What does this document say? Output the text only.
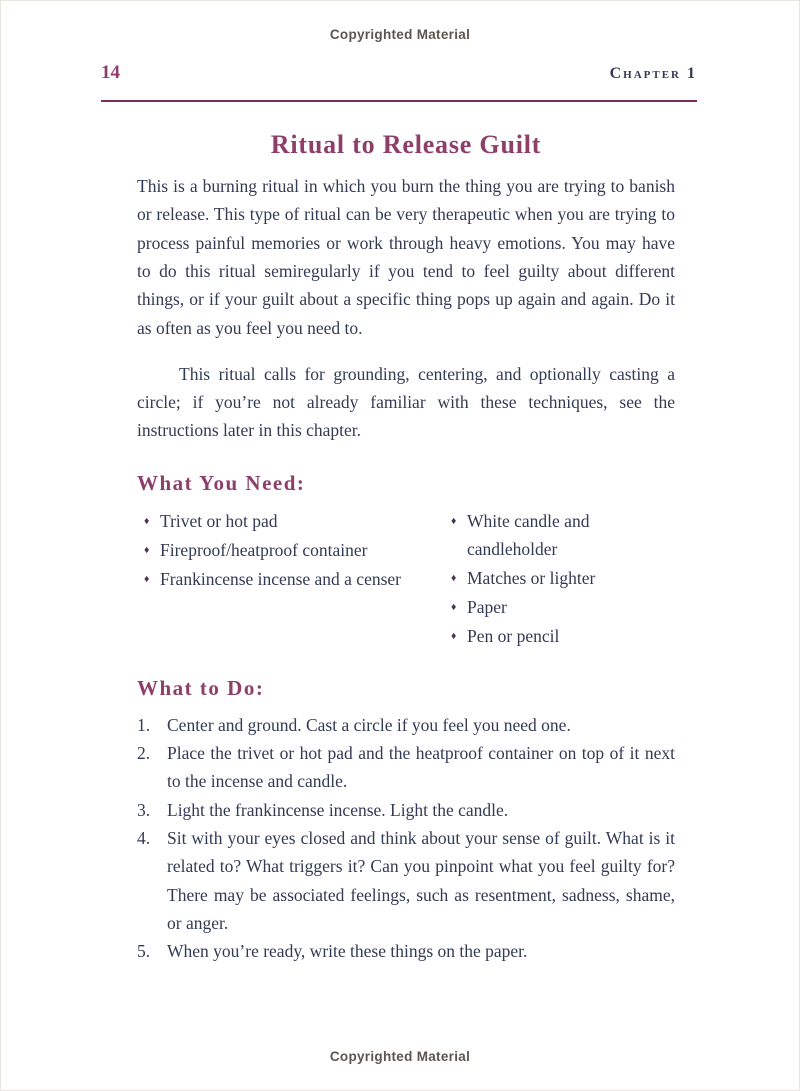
Copyrighted Material
14	Chapter 1
Ritual to Release Guilt

This is a burning ritual in which you burn the thing you are trying to banish or release. This type of ritual can be very therapeutic when you are trying to process painful memories or work through heavy emotions. You may have to do this ritual semiregularly if you tend to feel guilty about different things, or if your guilt about a specific thing pops up again and again. Do it as often as you feel you need to.

This ritual calls for grounding, centering, and optionally casting a circle; if you’re not already familiar with these techniques, see the instructions later in this chapter.

What You Need:
♦ Trivet or hot pad
♦ Fireproof/heatproof container
♦ Frankincense incense and a censer
♦ White candle and candleholder
♦ Matches or lighter
♦ Paper
♦ Pen or pencil
What to Do:
1. Center and ground. Cast a circle if you feel you need one.
2. Place the trivet or hot pad and the heatproof container on top of it next to the incense and candle.
3. Light the frankincense incense. Light the candle.
4. Sit with your eyes closed and think about your sense of guilt. What is it related to? What triggers it? Can you pinpoint what you feel guilty for? There may be associated feelings, such as resentment, sadness, shame, or anger.
5. When you’re ready, write these things on the paper.
Copyrighted Material
